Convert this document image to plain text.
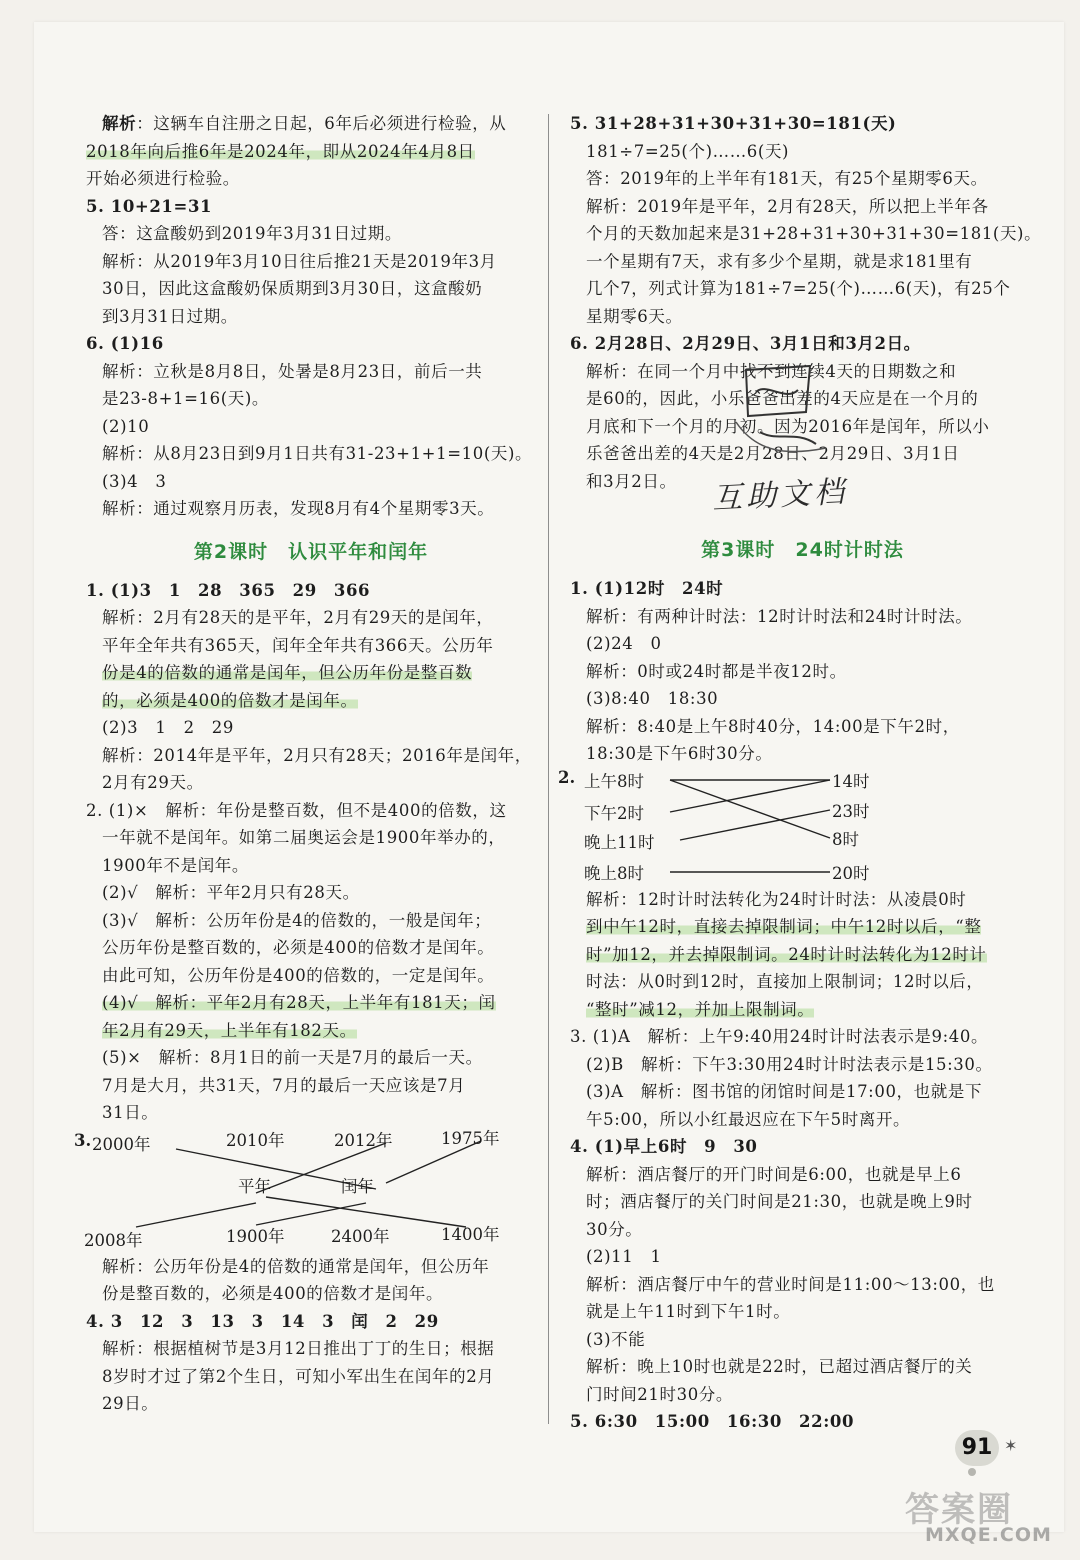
解析：这辆车自注册之日起，6年后必须进行检验，从
2018年向后推6年是2024年，即从2024年4月8日
开始必须进行检验。
5. 10+21=31
答：这盒酸奶到2019年3月31日过期。
解析：从2019年3月10日往后推21天是2019年3月
30日，因此这盒酸奶保质期到3月30日，这盒酸奶
到3月31日过期。
6. (1)16
解析：立秋是8月8日，处暑是8月23日，前后一共
是23-8+1=16(天)。
(2)10
解析：从8月23日到9月1日共有31-23+1+1=10(天)。
(3)4　3
解析：通过观察月历表，发现8月有4个星期零3天。
第2课时　认识平年和闰年
1. (1)3　1　28　365　29　366
解析：2月有28天的是平年，2月有29天的是闰年，
平年全年共有365天，闰年全年共有366天。公历年
份是4的倍数的通常是闰年，但公历年份是整百数
的，必须是400的倍数才是闰年。
(2)3　1　2　29
解析：2014年是平年，2月只有28天；2016年是闰年，
2月有29天。
2. (1)×　解析：年份是整百数，但不是400的倍数，这
一年就不是闰年。如第二届奥运会是1900年举办的，
1900年不是闰年。
(2)√　解析：平年2月只有28天。
(3)√　解析：公历年份是4的倍数的，一般是闰年；
公历年份是整百数的，必须是400的倍数才是闰年。
由此可知，公历年份是400的倍数的，一定是闰年。
(4)√　解析：平年2月有28天，上半年有181天；闰
年2月有29天，上半年有182天。
(5)×　解析：8月1日的前一天是7月的最后一天。
7月是大月，共31天，7月的最后一天应该是7月
31日。
3. 2000年	2010年	2012年	1975年
平年	闰年
2008年	1900年	2400年	1400年
解析：公历年份是4的倍数的通常是闰年，但公历年
份是整百数的，必须是400的倍数才是闰年。
4. 3　12　3　13　3　14　3　闰　2　29
解析：根据植树节是3月12日推出丁丁的生日；根据
8岁时才过了第2个生日，可知小军出生在闰年的2月
29日。
5. 31+28+31+30+31+30=181(天)
181÷7=25(个)……6(天)
答：2019年的上半年有181天，有25个星期零6天。
解析：2019年是平年，2月有28天，所以把上半年各
个月的天数加起来是31+28+31+30+31+30=181(天)。
一个星期有7天，求有多少个星期，就是求181里有
几个7，列式计算为181÷7=25(个)……6(天)，有25个
星期零6天。
6. 2月28日、2月29日、3月1日和3月2日。
解析：在同一个月中找不到连续4天的日期数之和
是60的，因此，小乐爸爸出差的4天应是在一个月的
月底和下一个月的月初。因为2016年是闰年，所以小
乐爸爸出差的4天是2月28日、2月29日、3月1日
和3月2日。
第3课时　24时计时法
1. (1)12时　24时
解析：有两种计时法：12时计时法和24时计时法。
(2)24　0
解析：0时或24时都是半夜12时。
(3)8:40　18:30
解析：8:40是上午8时40分，14:00是下午2时，
18:30是下午6时30分。
2. 上午8时
下午2时
晚上11时
晚上8时
14时
23时
8时
20时
解析：12时计时法转化为24时计时法：从凌晨0时
到中午12时，直接去掉限制词；中午12时以后，“整
时”加12，并去掉限制词。24时计时法转化为12时计
时法：从0时到12时，直接加上限制词；12时以后，
“整时”减12，并加上限制词。
3. (1)A　解析：上午9:40用24时计时法表示是9:40。
(2)B　解析：下午3:30用24时计时法表示是15:30。
(3)A　解析：图书馆的闭馆时间是17:00，也就是下
午5:00，所以小红最迟应在下午5时离开。
4. (1)早上6时　9　30
解析：酒店餐厅的开门时间是6:00，也就是早上6
时；酒店餐厅的关门时间是21:30，也就是晚上9时
30分。
(2)11　1
解析：酒店餐厅中午的营业时间是11:00～13:00，也
就是上午11时到下午1时。
(3)不能
解析：晚上10时也就是22时，已超过酒店餐厅的关
门时间21时30分。
5. 6:30　15:00　16:30　22:00
互助文档
91 ✶
答案圈
MXQE.COM
